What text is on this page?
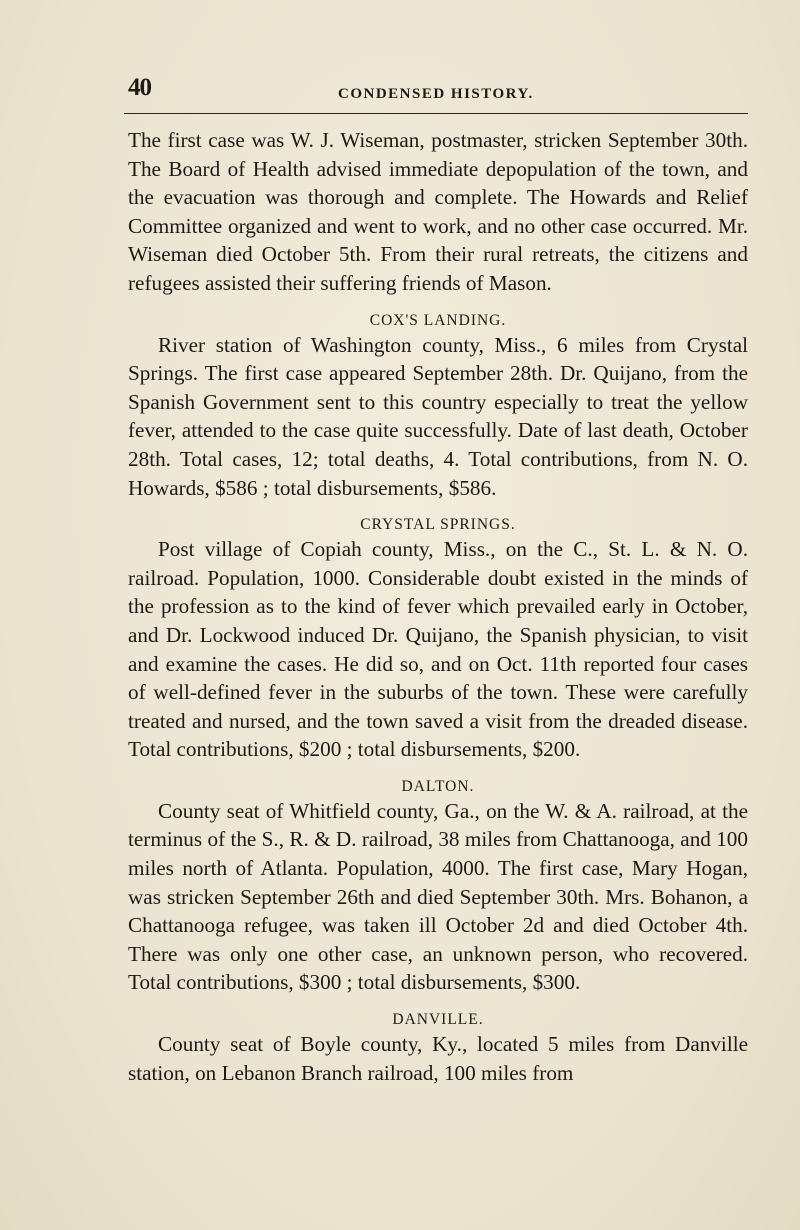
40	CONDENSED HISTORY.

The first case was W. J. Wiseman, postmaster, stricken September 30th. The Board of Health advised immediate depopulation of the town, and the evacuation was thorough and complete. The Howards and Relief Committee organized and went to work, and no other case occurred. Mr. Wiseman died October 5th. From their rural retreats, the citizens and refugees assisted their suffering friends of Mason.

COX'S LANDING.

River station of Washington county, Miss., 6 miles from Crystal Springs. The first case appeared September 28th. Dr. Quijano, from the Spanish Government sent to this country especially to treat the yellow fever, attended to the case quite successfully. Date of last death, October 28th. Total cases, 12; total deaths, 4. Total contributions, from N. O. Howards, $586 ; total disbursements, $586.

CRYSTAL SPRINGS.

Post village of Copiah county, Miss., on the C., St. L. & N. O. railroad. Population, 1000. Considerable doubt existed in the minds of the profession as to the kind of fever which prevailed early in October, and Dr. Lockwood induced Dr. Quijano, the Spanish physician, to visit and examine the cases. He did so, and on Oct. 11th reported four cases of well-defined fever in the suburbs of the town. These were carefully treated and nursed, and the town saved a visit from the dreaded disease. Total contributions, $200 ; total disbursements, $200.

DALTON.

County seat of Whitfield county, Ga., on the W. & A. railroad, at the terminus of the S., R. & D. railroad, 38 miles from Chattanooga, and 100 miles north of Atlanta. Population, 4000. The first case, Mary Hogan, was stricken September 26th and died September 30th. Mrs. Bohanon, a Chattanooga refugee, was taken ill October 2d and died October 4th. There was only one other case, an unknown person, who recovered. Total contributions, $300 ; total disbursements, $300.

DANVILLE.

County seat of Boyle county, Ky., located 5 miles from Danville station, on Lebanon Branch railroad, 100 miles from
